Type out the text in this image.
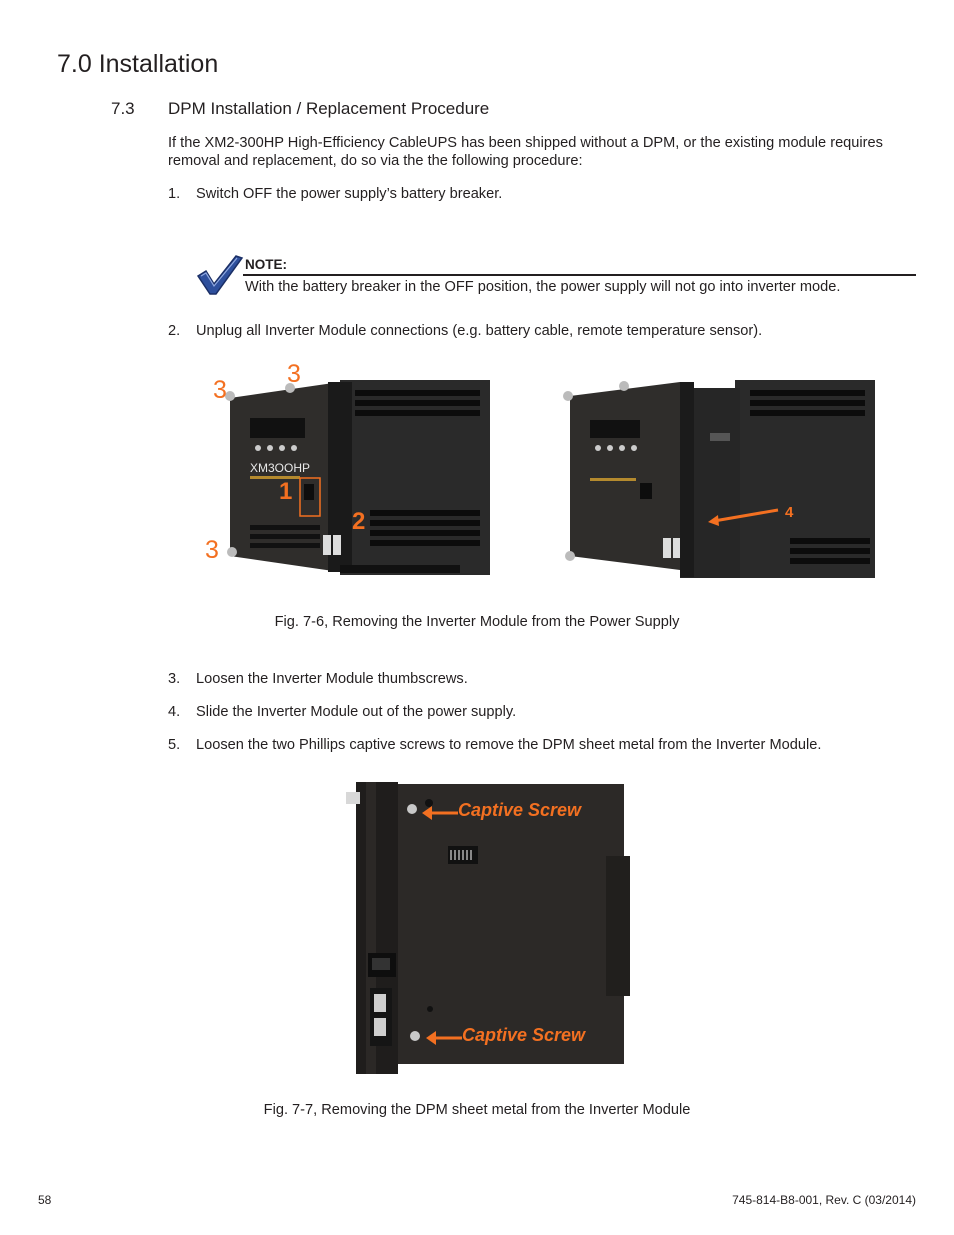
7.0 Installation
7.3 DPM Installation / Replacement Procedure
If the XM2-300HP High-Efficiency CableUPS has been shipped without a DPM, or the existing module requires removal and replacement, do so via the the following procedure:
1. Switch OFF the power supply’s battery breaker.
NOTE:
With the battery breaker in the OFF position, the power supply will not go into inverter mode.
2. Unplug all Inverter Module connections (e.g. battery cable, remote temperature sensor).
XM3OOHP
3
3
3
1
2	4
Fig. 7-6, Removing the Inverter Module from the Power Supply
3. Loosen the Inverter Module thumbscrews.
4. Slide the Inverter Module out of the power supply.
5. Loosen the two Phillips captive screws to remove the DPM sheet metal from the Inverter Module.
Captive Screw
Captive Screw
Fig. 7-7, Removing the DPM sheet metal from the Inverter Module
58	745-814-B8-001, Rev. C (03/2014)
